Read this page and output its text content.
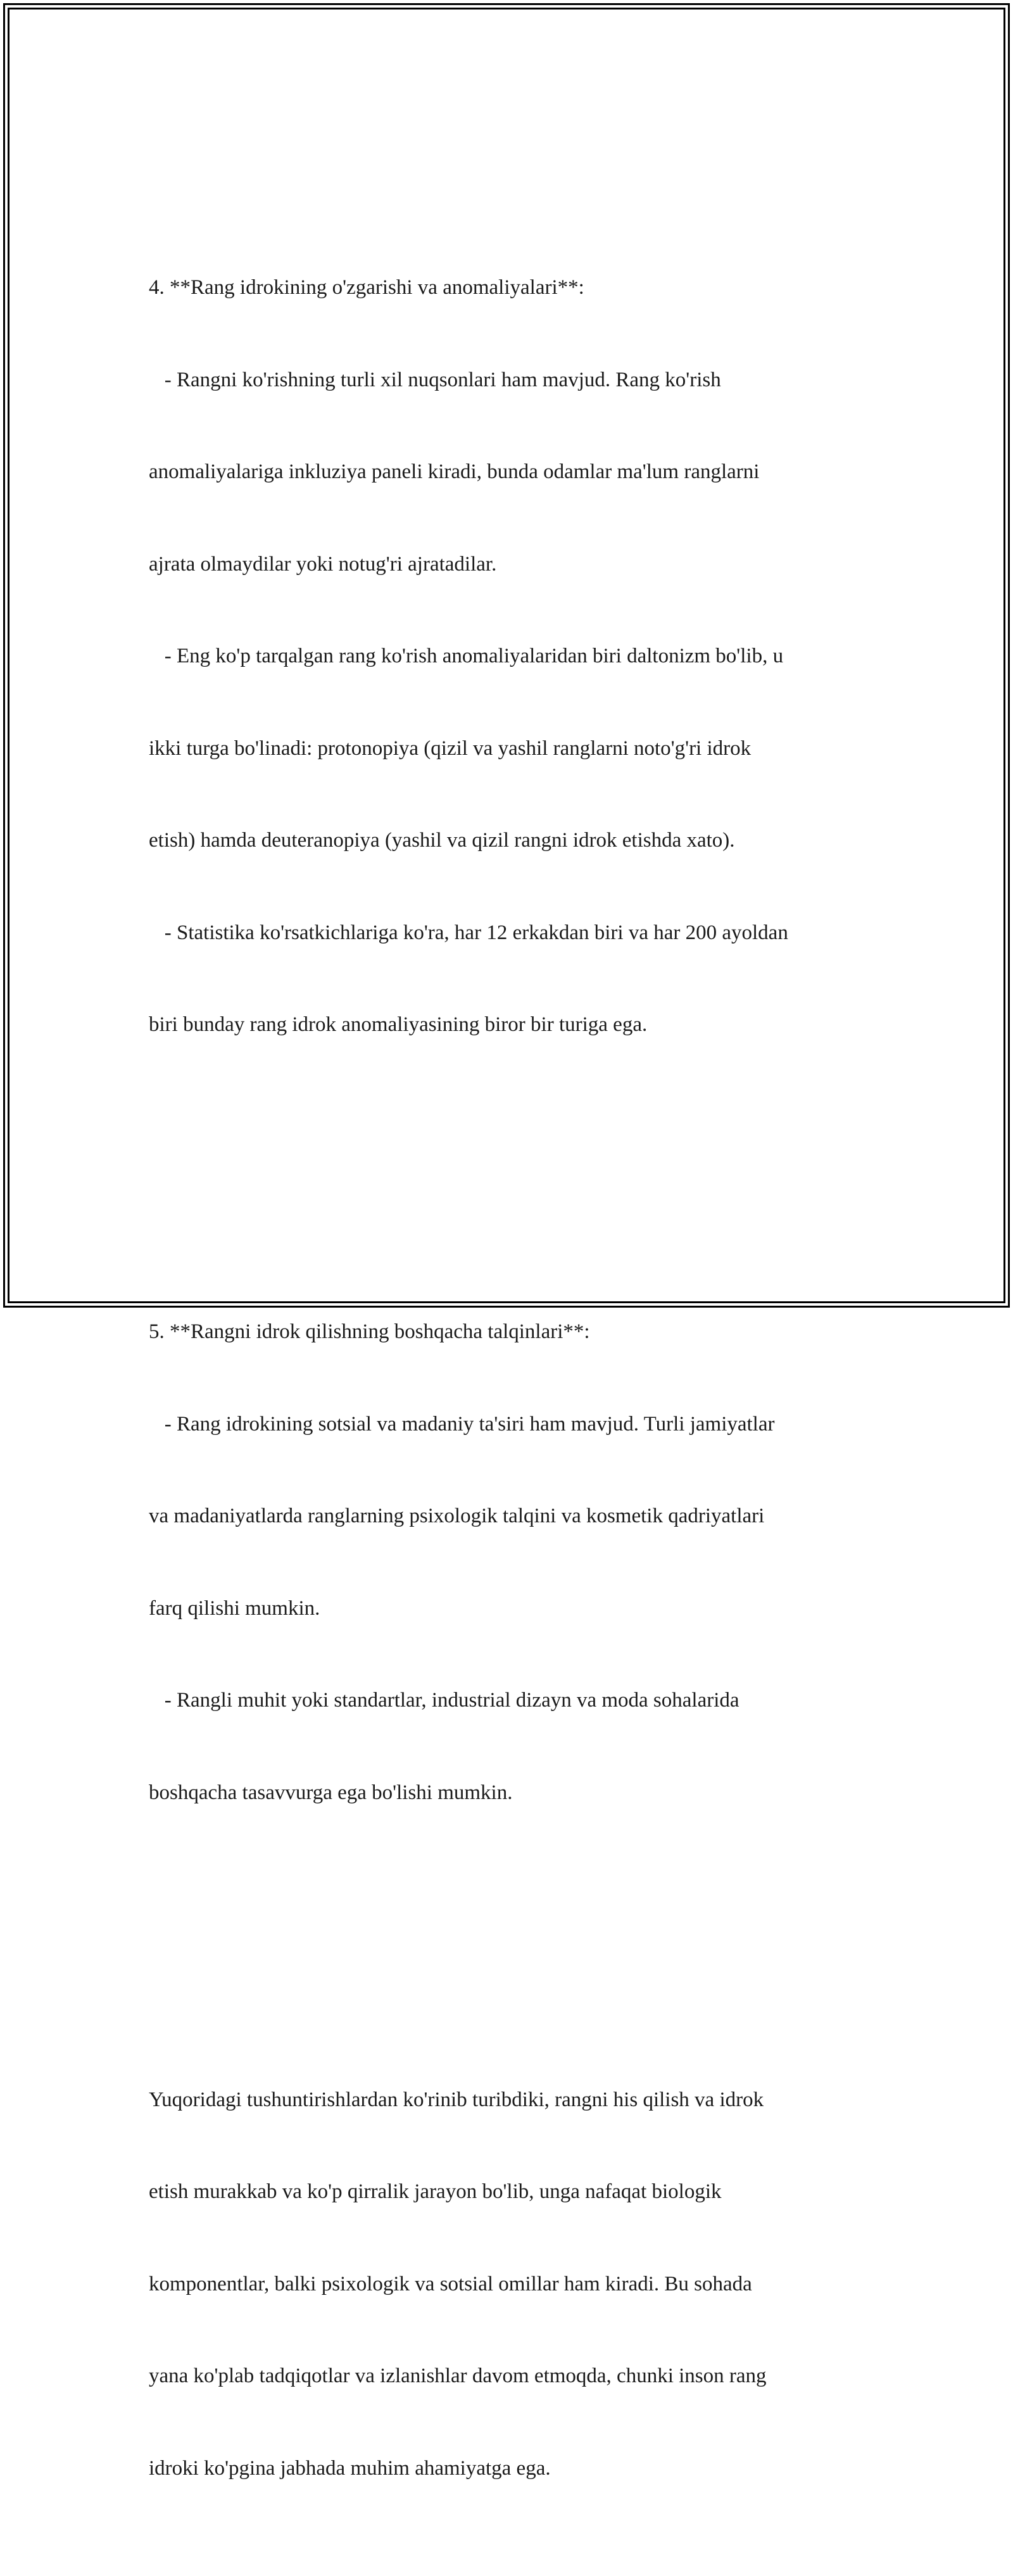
4. **Rang idrokining o'zgarishi va anomaliyalari**:

- Rangni ko'rishning turli xil nuqsonlari ham mavjud. Rang ko'rish

anomaliyalariga inkluziya paneli kiradi, bunda odamlar ma'lum ranglarni

ajrata olmaydilar yoki notug'ri ajratadilar.

- Eng ko'p tarqalgan rang ko'rish anomaliyalaridan biri daltonizm bo'lib, u

ikki turga bo'linadi: protonopiya (qizil va yashil ranglarni noto'g'ri idrok

etish) hamda deuteranopiya (yashil va qizil rangni idrok etishda xato).

- Statistika ko'rsatkichlariga ko'ra, har 12 erkakdan biri va har 200 ayoldan

biri bunday rang idrok anomaliyasining biror bir turiga ega.

5. **Rangni idrok qilishning boshqacha talqinlari**:

- Rang idrokining sotsial va madaniy ta'siri ham mavjud. Turli jamiyatlar

va madaniyatlarda ranglarning psixologik talqini va kosmetik qadriyatlari

farq qilishi mumkin.

- Rangli muhit yoki standartlar, industrial dizayn va moda sohalarida

boshqacha tasavvurga ega bo'lishi mumkin.

Yuqoridagi tushuntirishlardan ko'rinib turibdiki, rangni his qilish va idrok

etish murakkab va ko'p qirralik jarayon bo'lib, unga nafaqat biologik

komponentlar, balki psixologik va sotsial omillar ham kiradi. Bu sohada

yana ko'plab tadqiqotlar va izlanishlar davom etmoqda, chunki inson rang

idroki ko'pgina jabhada muhim ahamiyatga ega.
